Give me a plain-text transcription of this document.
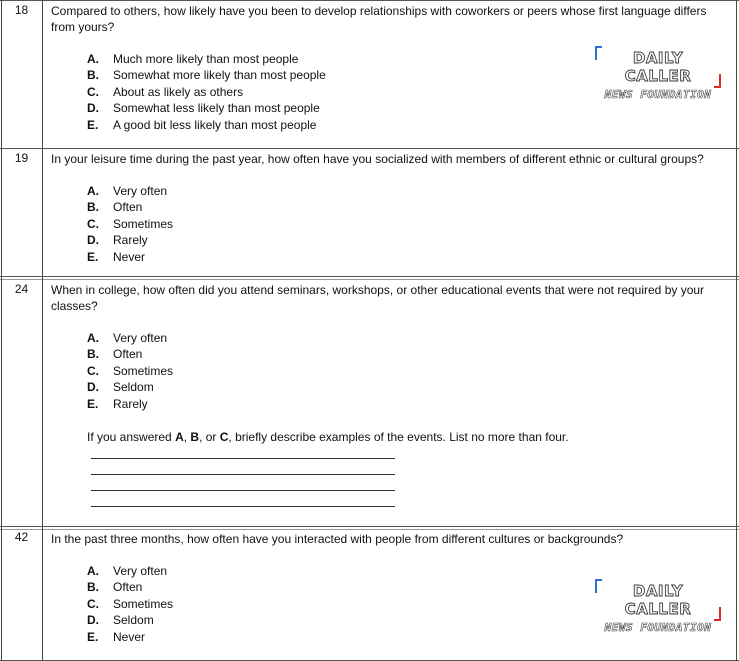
18	Compared to others, how likely have you been to develop relationships with coworkers or peers whose first language differs from yours?
A. Much more likely than most people
B. Somewhat more likely than most people
C. About as likely as others
D. Somewhat less likely than most people
E. A good bit less likely than most people
DAILY CALLER
NEWS FOUNDATION
19	In your leisure time during the past year, how often have you socialized with members of different ethnic or cultural groups?
A. Very often
B. Often
C. Sometimes
D. Rarely
E. Never
24	When in college, how often did you attend seminars, workshops, or other educational events that were not required by your classes?
A. Very often
B. Often
C. Sometimes
D. Seldom
E. Rarely
If you answered A, B, or C, briefly describe examples of the events. List no more than four.
42	In the past three months, how often have you interacted with people from different cultures or backgrounds?
A. Very often
B. Often
C. Sometimes
D. Seldom
E. Never
DAILY CALLER
NEWS FOUNDATION
